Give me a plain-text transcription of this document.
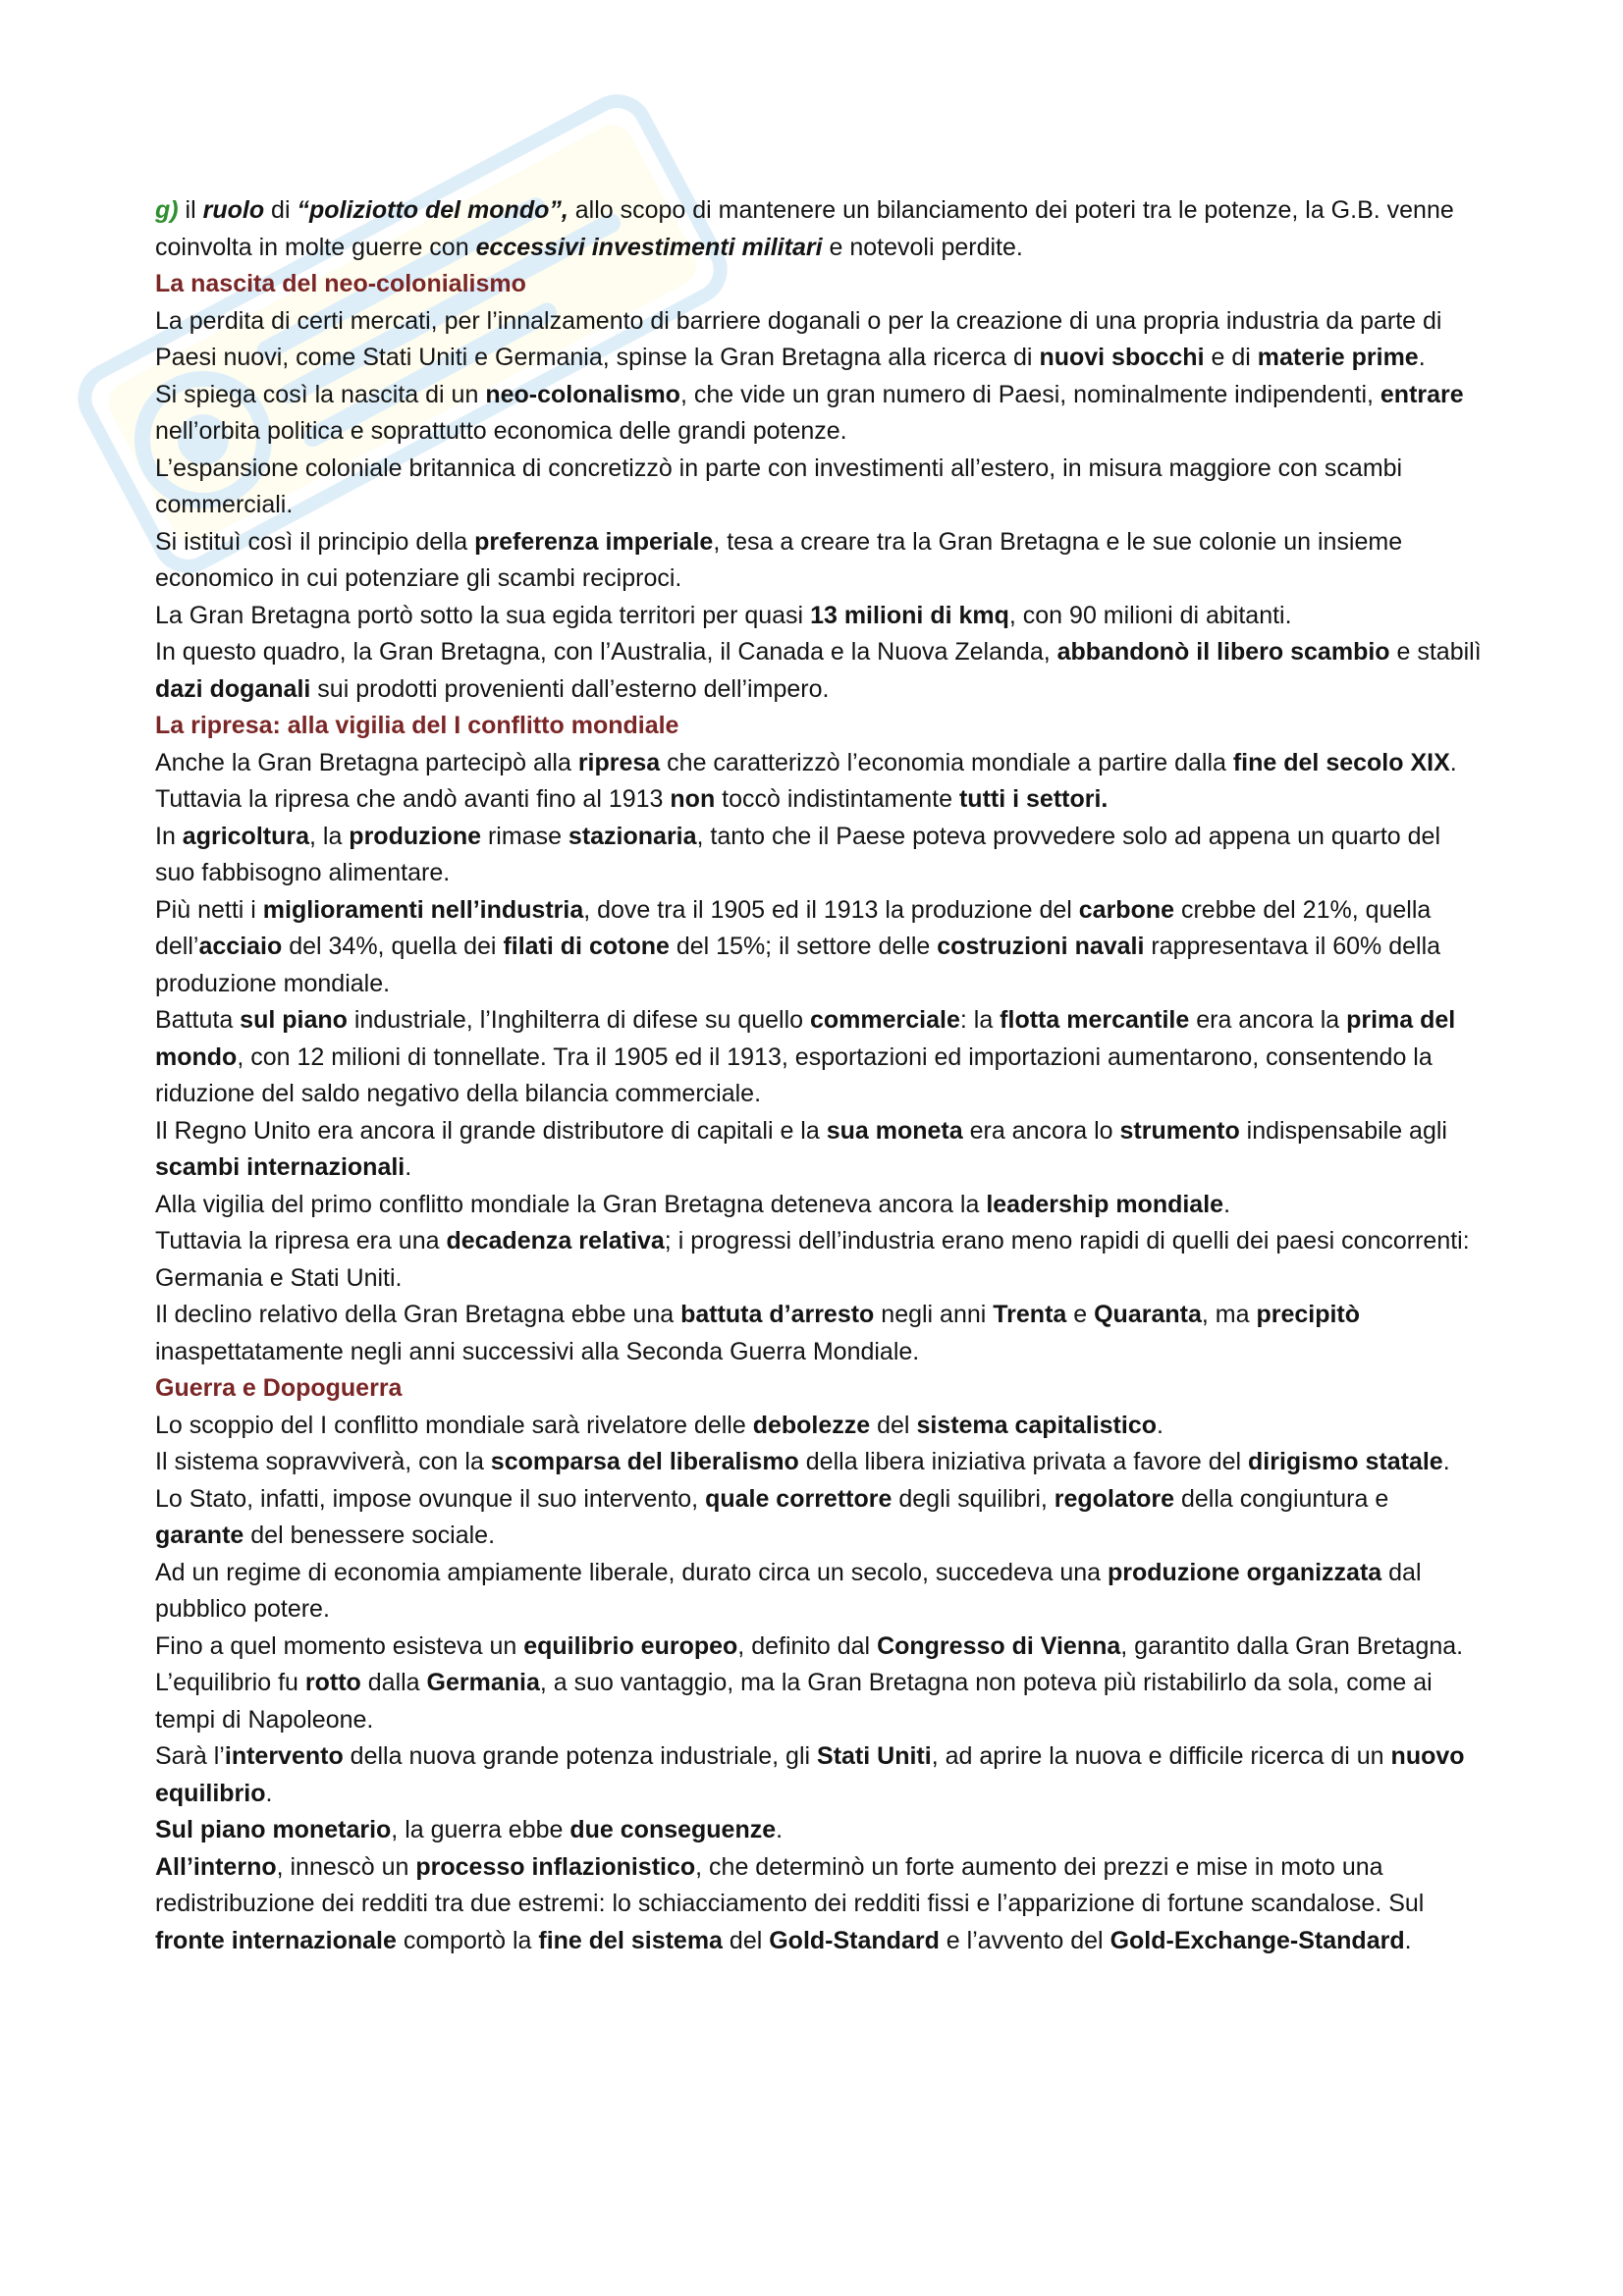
g) il ruolo di “poliziotto del mondo”, allo scopo di mantenere un bilanciamento dei poteri tra le potenze, la G.B. venne coinvolta in molte guerre con eccessivi investimenti militari e notevoli perdite.

La nascita del neo-colonialismo

La perdita di certi mercati, per l’innalzamento di barriere doganali o per la creazione di una propria industria da parte di Paesi nuovi, come Stati Uniti e Germania, spinse la Gran Bretagna alla ricerca di nuovi sbocchi e di materie prime.

Si spiega così la nascita di un neo-colonalismo, che vide un gran numero di Paesi, nominalmente indipendenti, entrare nell’orbita politica e soprattutto economica delle grandi potenze.

L’espansione coloniale britannica di concretizzò in parte con investimenti all’estero, in misura maggiore con scambi commerciali.

Si istituì così il principio della preferenza imperiale, tesa a creare tra la Gran Bretagna e le sue colonie un insieme economico in cui potenziare gli scambi reciproci.

La Gran Bretagna portò sotto la sua egida territori per quasi 13 milioni di kmq, con 90 milioni di abitanti.

In questo quadro, la Gran Bretagna, con l’Australia, il Canada e la Nuova Zelanda, abbandonò il libero scambio e stabilì dazi doganali sui prodotti provenienti dall’esterno dell’impero.

La ripresa: alla vigilia del I conflitto mondiale

Anche la Gran Bretagna partecipò alla ripresa che caratterizzò l’economia mondiale a partire dalla fine del secolo XIX.

Tuttavia la ripresa che andò avanti fino al 1913 non toccò indistintamente tutti i settori.

In agricoltura, la produzione rimase stazionaria, tanto che il Paese poteva provvedere solo ad appena un quarto del suo fabbisogno alimentare.

Più netti i miglioramenti nell’industria, dove tra il 1905 ed il 1913 la produzione del carbone crebbe del 21%, quella dell’acciaio del 34%, quella dei filati di cotone del 15%; il settore delle costruzioni navali rappresentava il 60% della produzione mondiale.

Battuta sul piano industriale, l’Inghilterra di difese su quello commerciale: la flotta mercantile era ancora la prima del mondo, con 12 milioni di tonnellate. Tra il 1905 ed il 1913, esportazioni ed importazioni aumentarono, consentendo la riduzione del saldo negativo della bilancia commerciale.

Il Regno Unito era ancora il grande distributore di capitali e la sua moneta era ancora lo strumento indispensabile agli scambi internazionali.

Alla vigilia del primo conflitto mondiale la Gran Bretagna deteneva ancora la leadership mondiale.

Tuttavia la ripresa era una decadenza relativa; i progressi dell’industria erano meno rapidi di quelli dei paesi concorrenti: Germania e Stati Uniti.

Il declino relativo della Gran Bretagna ebbe una battuta d’arresto negli anni Trenta e Quaranta, ma precipitò inaspettatamente negli anni successivi alla Seconda Guerra Mondiale.

Guerra e Dopoguerra

Lo scoppio del I conflitto mondiale sarà rivelatore delle debolezze del sistema capitalistico.

Il sistema sopravviverà, con la scomparsa del liberalismo della libera iniziativa privata a favore del dirigismo statale.

Lo Stato, infatti, impose ovunque il suo intervento, quale correttore degli squilibri, regolatore della congiuntura e garante del benessere sociale.

Ad un regime di economia ampiamente liberale, durato circa un secolo, succedeva una produzione organizzata dal pubblico potere.

Fino a quel momento esisteva un equilibrio europeo, definito dal Congresso di Vienna, garantito dalla Gran Bretagna.

L’equilibrio fu rotto dalla Germania, a suo vantaggio, ma la Gran Bretagna non poteva più ristabilirlo da sola, come ai tempi di Napoleone.

Sarà l’intervento della nuova grande potenza industriale, gli Stati Uniti, ad aprire la nuova e difficile ricerca di un nuovo equilibrio.

Sul piano monetario, la guerra ebbe due conseguenze.

All’interno, innescò un processo inflazionistico, che determinò un forte aumento dei prezzi e mise in moto una redistribuzione dei redditi tra due estremi: lo schiacciamento dei redditi fissi e l’apparizione di fortune scandalose. Sul fronte internazionale comportò la fine del sistema del Gold-Standard e l’avvento del Gold-Exchange-Standard.
